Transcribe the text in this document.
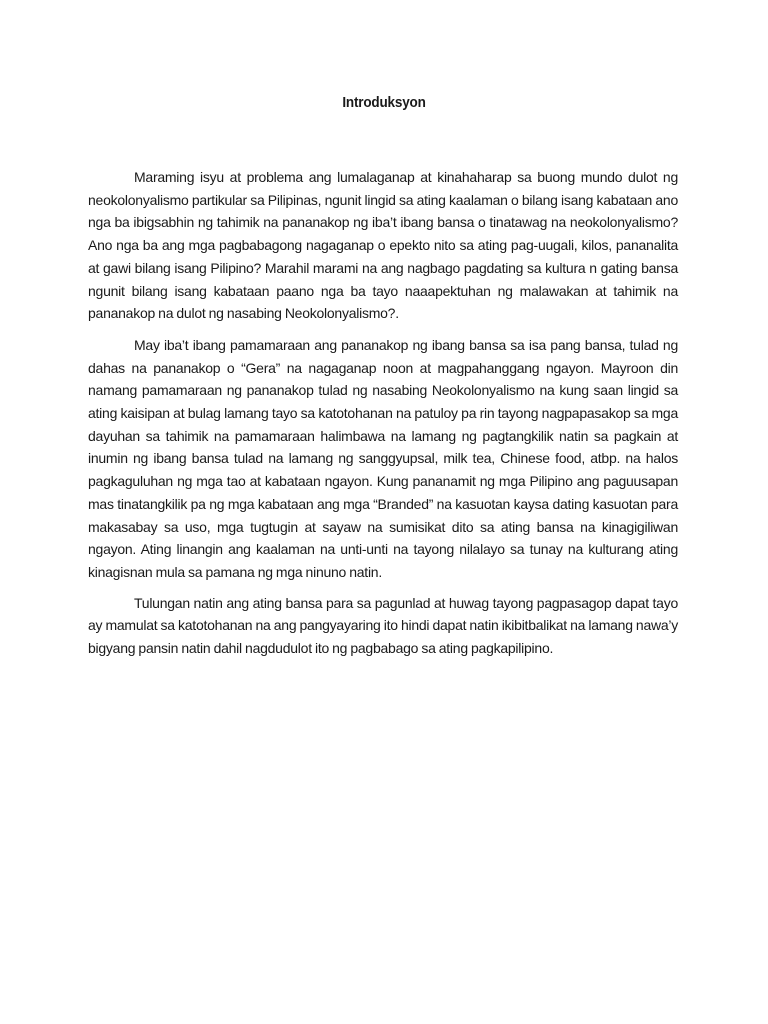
Introduksyon

Maraming isyu at problema ang lumalaganap at kinahaharap sa buong mundo dulot ng neokolonyalismo partikular sa Pilipinas, ngunit lingid sa ating kaalaman o bilang isang kabataan ano nga ba ibigsabhin ng tahimik na pananakop ng iba’t ibang bansa o tinatawag na neokolonyalismo? Ano nga ba ang mga pagbabagong nagaganap o epekto nito sa ating pag-uugali, kilos, pananalita at gawi bilang isang Pilipino? Marahil marami na ang nagbago pagdating sa kultura n gating bansa ngunit bilang isang kabataan paano nga ba tayo naaapektuhan ng malawakan at tahimik na pananakop na dulot ng nasabing Neokolonyalismo?.

May iba’t ibang pamamaraan ang pananakop ng ibang bansa sa isa pang bansa, tulad ng dahas na pananakop o “Gera” na nagaganap noon at magpahanggang ngayon. Mayroon din namang pamamaraan ng pananakop tulad ng nasabing Neokolonyalismo na kung saan lingid sa ating kaisipan at bulag lamang tayo sa katotohanan na patuloy pa rin tayong nagpapasakop sa mga dayuhan sa tahimik na pamamaraan halimbawa na lamang ng pagtangkilik natin sa pagkain at inumin ng ibang bansa tulad na lamang ng sanggyupsal, milk tea, Chinese food, atbp. na halos pagkaguluhan ng mga tao at kabataan ngayon. Kung pananamit ng mga Pilipino ang paguusapan mas tinatangkilik pa ng mga kabataan ang mga “Branded” na kasuotan kaysa dating kasuotan para makasabay sa uso, mga tugtugin at sayaw na sumisikat dito sa ating bansa na kinagigiliwan ngayon. Ating linangin ang kaalaman na unti-unti na tayong nilalayo sa tunay na kulturang ating kinagisnan mula sa pamana ng mga ninuno natin.

Tulungan natin ang ating bansa para sa pagunlad at huwag tayong pagpasagop dapat tayo ay mamulat sa katotohanan na ang pangyayaring ito hindi dapat natin ikibitbalikat na lamang nawa’y bigyang pansin natin dahil nagdudulot ito ng pagbabago sa ating pagkapilipino.
